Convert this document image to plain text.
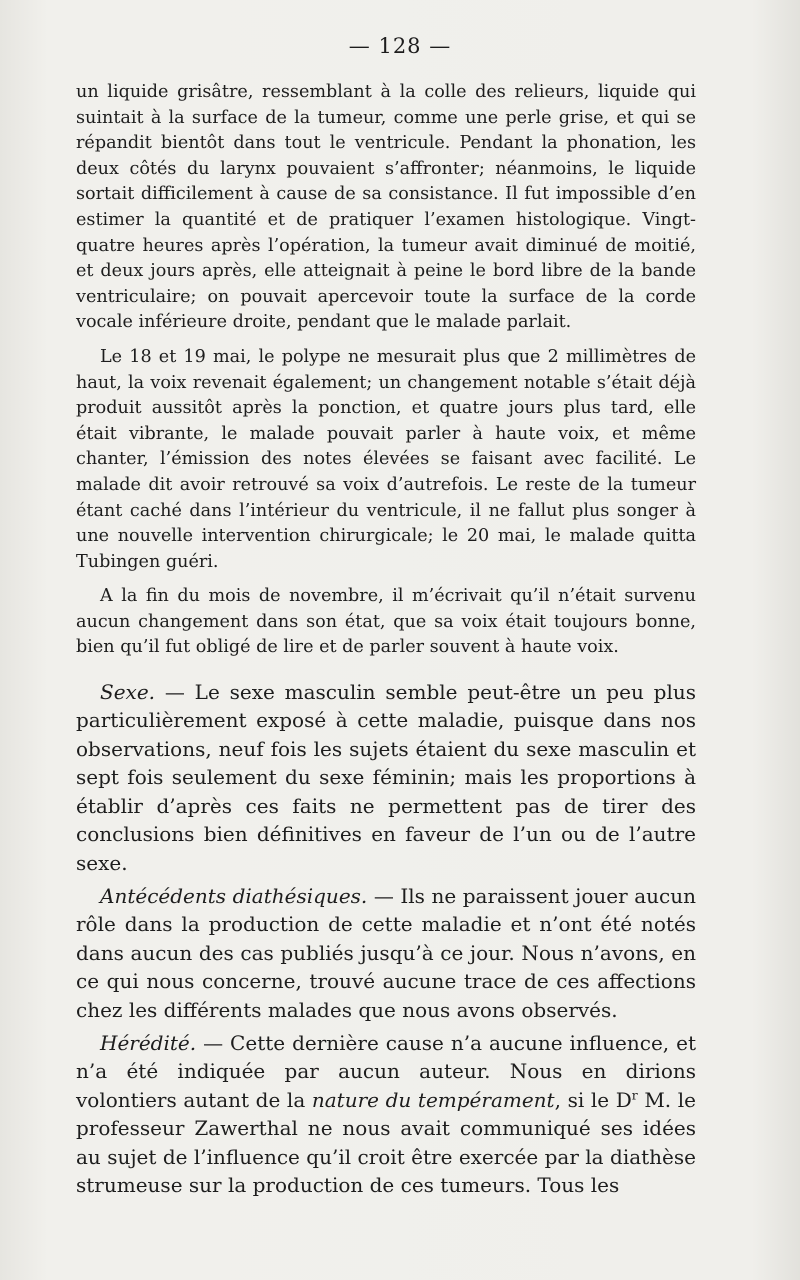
— 128 —

un liquide grisâtre, ressemblant à la colle des relieurs, liquide qui suintait à la surface de la tumeur, comme une perle grise, et qui se répandit bientôt dans tout le ventricule. Pendant la phonation, les deux côtés du larynx pouvaient s’affronter; néanmoins, le liquide sortait difficilement à cause de sa consistance. Il fut impossible d’en estimer la quantité et de pratiquer l’examen histologique. Vingt-quatre heures après l’opération, la tumeur avait diminué de moitié, et deux jours après, elle atteignait à peine le bord libre de la bande ventriculaire; on pouvait apercevoir toute la surface de la corde vocale inférieure droite, pendant que le malade parlait.

Le 18 et 19 mai, le polype ne mesurait plus que 2 millimètres de haut, la voix revenait également; un changement notable s’était déjà produit aussitôt après la ponction, et quatre jours plus tard, elle était vibrante, le malade pouvait parler à haute voix, et même chanter, l’émission des notes élevées se faisant avec facilité. Le malade dit avoir retrouvé sa voix d’autrefois. Le reste de la tumeur étant caché dans l’intérieur du ventricule, il ne fallut plus songer à une nouvelle intervention chirurgicale; le 20 mai, le malade quitta Tubingen guéri.

A la fin du mois de novembre, il m’écrivait qu’il n’était survenu aucun changement dans son état, que sa voix était toujours bonne, bien qu’il fut obligé de lire et de parler souvent à haute voix.

Sexe. — Le sexe masculin semble peut-être un peu plus particulièrement exposé à cette maladie, puisque dans nos observations, neuf fois les sujets étaient du sexe masculin et sept fois seulement du sexe féminin; mais les proportions à établir d’après ces faits ne permettent pas de tirer des conclusions bien définitives en faveur de l’un ou de l’autre sexe.

Antécédents diathésiques. — Ils ne paraissent jouer aucun rôle dans la production de cette maladie et n’ont été notés dans aucun des cas publiés jusqu’à ce jour. Nous n’avons, en ce qui nous concerne, trouvé aucune trace de ces affections chez les différents malades que nous avons observés.

Hérédité. — Cette dernière cause n’a aucune influence, et n’a été indiquée par aucun auteur. Nous en dirions volontiers autant de la nature du tempérament, si le $D^r$ M. le professeur Zawerthal ne nous avait communiqué ses idées au sujet de l’influence qu’il croit être exercée par la diathèse strumeuse sur la production de ces tumeurs. Tous les
